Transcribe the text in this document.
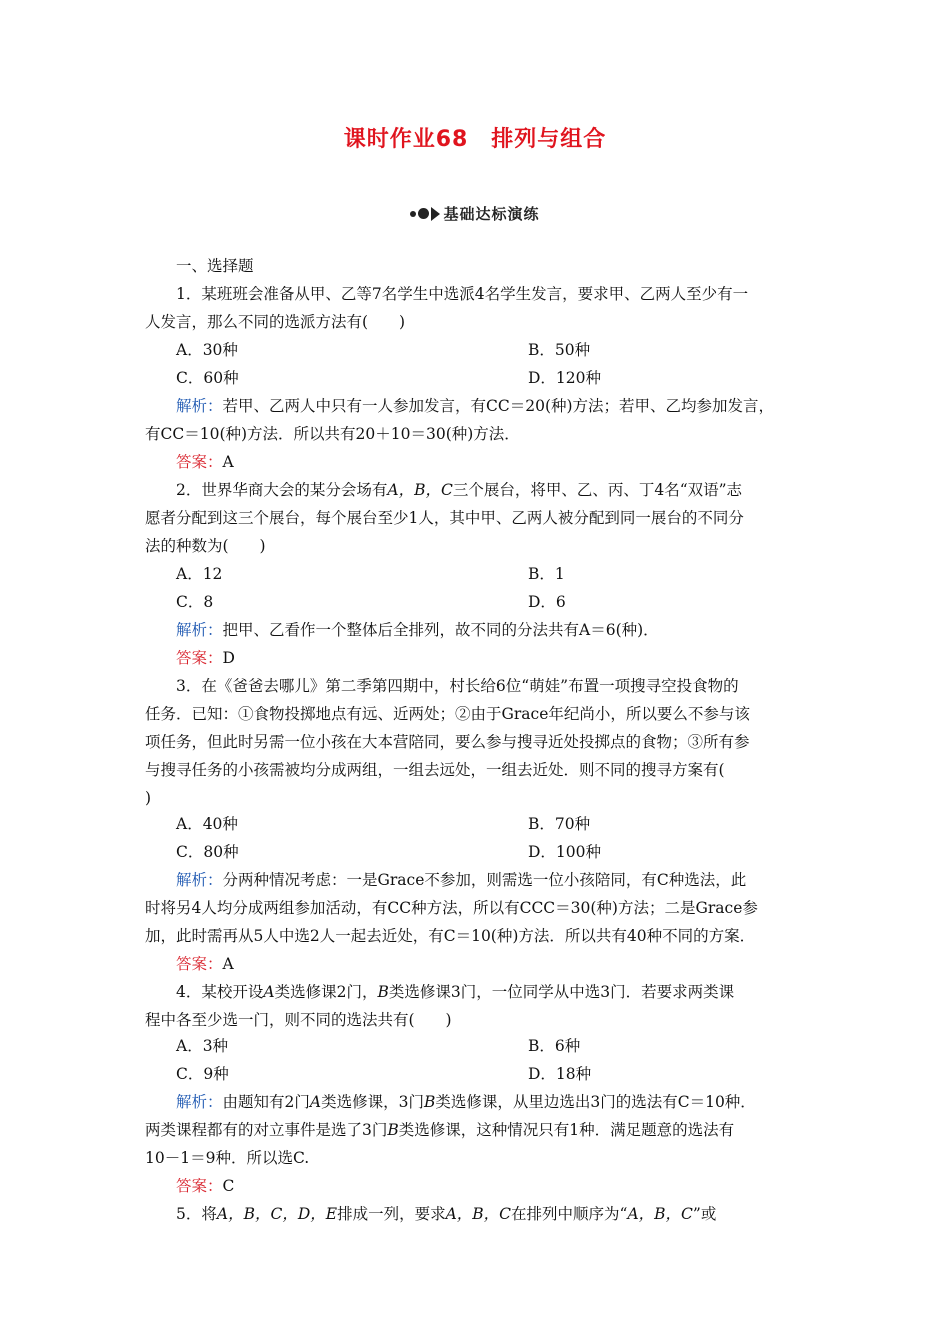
课时作业68　排列与组合
基础达标演练
一、选择题
1．某班班会准备从甲、乙等7名学生中选派4名学生发言，要求甲、乙两人至少有一
人发言，那么不同的选派方法有(　　)
A．30种	B．50种
C．60种	D．120种
解析：若甲、乙两人中只有一人参加发言，有CC＝20(种)方法；若甲、乙均参加发言，
有CC＝10(种)方法．所以共有20＋10＝30(种)方法．
答案：A
2．世界华商大会的某分会场有A，B，C三个展台，将甲、乙、丙、丁4名“双语”志
愿者分配到这三个展台，每个展台至少1人，其中甲、乙两人被分配到同一展台的不同分
法的种数为(　　)
A．12	B．1
C．8	D．6
解析：把甲、乙看作一个整体后全排列，故不同的分法共有A＝6(种)．
答案：D
3．在《爸爸去哪儿》第二季第四期中，村长给6位“萌娃”布置一项搜寻空投食物的
任务．已知：①食物投掷地点有远、近两处；②由于Grace年纪尚小，所以要么不参与该
项任务，但此时另需一位小孩在大本营陪同，要么参与搜寻近处投掷点的食物；③所有参
与搜寻任务的小孩需被均分成两组，一组去远处，一组去近处．则不同的搜寻方案有(
)
A．40种	B．70种
C．80种	D．100种
解析：分两种情况考虑：一是Grace不参加，则需选一位小孩陪同，有C种选法，此
时将另4人均分成两组参加活动，有CC种方法，所以有CCC＝30(种)方法；二是Grace参
加，此时需再从5人中选2人一起去近处，有C＝10(种)方法．所以共有40种不同的方案．
答案：A
4．某校开设A类选修课2门，B类选修课3门，一位同学从中选3门．若要求两类课
程中各至少选一门，则不同的选法共有(　　)
A．3种	B．6种
C．9种	D．18种
解析：由题知有2门A类选修课，3门B类选修课，从里边选出3门的选法有C＝10种．
两类课程都有的对立事件是选了3门B类选修课，这种情况只有1种．满足题意的选法有
10－1＝9种．所以选C.
答案：C
5．将A，B，C，D，E排成一列，要求A，B，C在排列中顺序为“A，B，C”或
